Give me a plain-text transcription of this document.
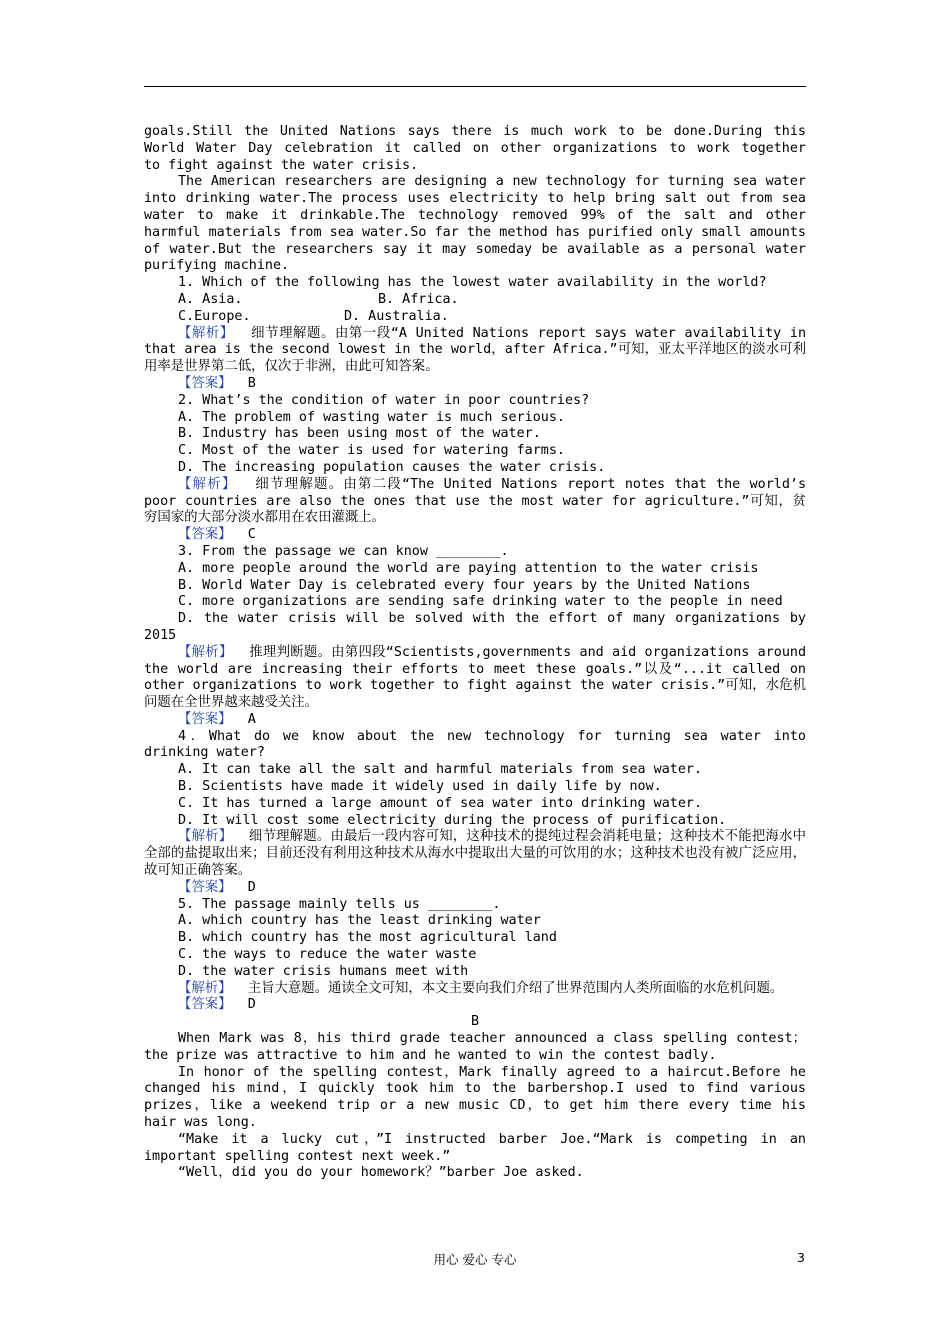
goals.Still the United Nations says there is much work to be done.During this

World Water Day celebration it called on other organizations to work together

to fight against the water crisis.

The American researchers are designing a new technology for turning sea water into drinking water.The process uses electricity to help bring salt out from sea water to make it drinkable.The technology removed 99% of the salt and other harmful materials from sea water.So far the method has purified only small amounts of water.But the researchers say it may someday be available as a personal water purifying machine.

1. Which of the following has the lowest water availability in the world?

A. Asia.	B. Africa.
C.Europe.	D. Australia.

【解析】 细节理解题。由第一段“A United Nations report says water availability in that area is the second lowest in the world，after Africa.”可知，亚太平洋地区的淡水可利用率是世界第二低，仅次于非洲，由此可知答案。

【答案】 B

2. What’s the condition of water in poor countries?

A. The problem of wasting water is much serious.

B. Industry has been using most of the water.

C. Most of the water is used for watering farms.

D. The increasing population causes the water crisis.

【解析】 细节理解题。由第二段“The United Nations report notes that the world’s poor countries are also the ones that use the most water for agriculture.”可知，贫穷国家的大部分淡水都用在农田灌溉上。

【答案】 C

3. From the passage we can know ________.

A. more people around the world are paying attention to the water crisis

B. World Water Day is celebrated every four years by the United Nations

C. more organizations are sending safe drinking water to the people in need

D. the water crisis will be solved with the effort of many organizations by

2015

【解析】 推理判断题。由第四段“Scientists,governments and aid organizations around the world are increasing their efforts to meet these goals.”以及“...it called on other organizations to work together to fight against the water crisis.”可知，水危机问题在全世界越来越受关注。

【答案】 A

4．What do we know about the new technology for turning sea water into drinking water?

A. It can take all the salt and harmful materials from sea water.

B. Scientists have made it widely used in daily life by now.

C. It has turned a large amount of sea water into drinking water.

D. It will cost some electricity during the process of purification.

【解析】 细节理解题。由最后一段内容可知，这种技术的提纯过程会消耗电量；这种技术不能把海水中全部的盐提取出来；目前还没有利用这种技术从海水中提取出大量的可饮用的水；这种技术也没有被广泛应用，故可知正确答案。

【答案】 D

5. The passage mainly tells us ________.

A. which country has the least drinking water

B. which country has the most agricultural land

C. the ways to reduce the water waste

D. the water crisis humans meet with

【解析】 主旨大意题。通读全文可知，本文主要向我们介绍了世界范围内人类所面临的水危机问题。

【答案】 D

B

When Mark was 8，his third grade teacher announced a class spelling contest；the prize was attractive to him and he wanted to win the contest badly.

In honor of the spelling contest，Mark finally agreed to a haircut.Before he changed his mind，I quickly took him to the barbershop.I used to find various prizes，like a weekend trip or a new music CD，to get him there every time his hair was long.

“Make it a lucky cut，”I instructed barber Joe.“Mark is competing in an important spelling contest next week.”

“Well，did you do your homework？”barber Joe asked.

用心 爱心 专心	3
